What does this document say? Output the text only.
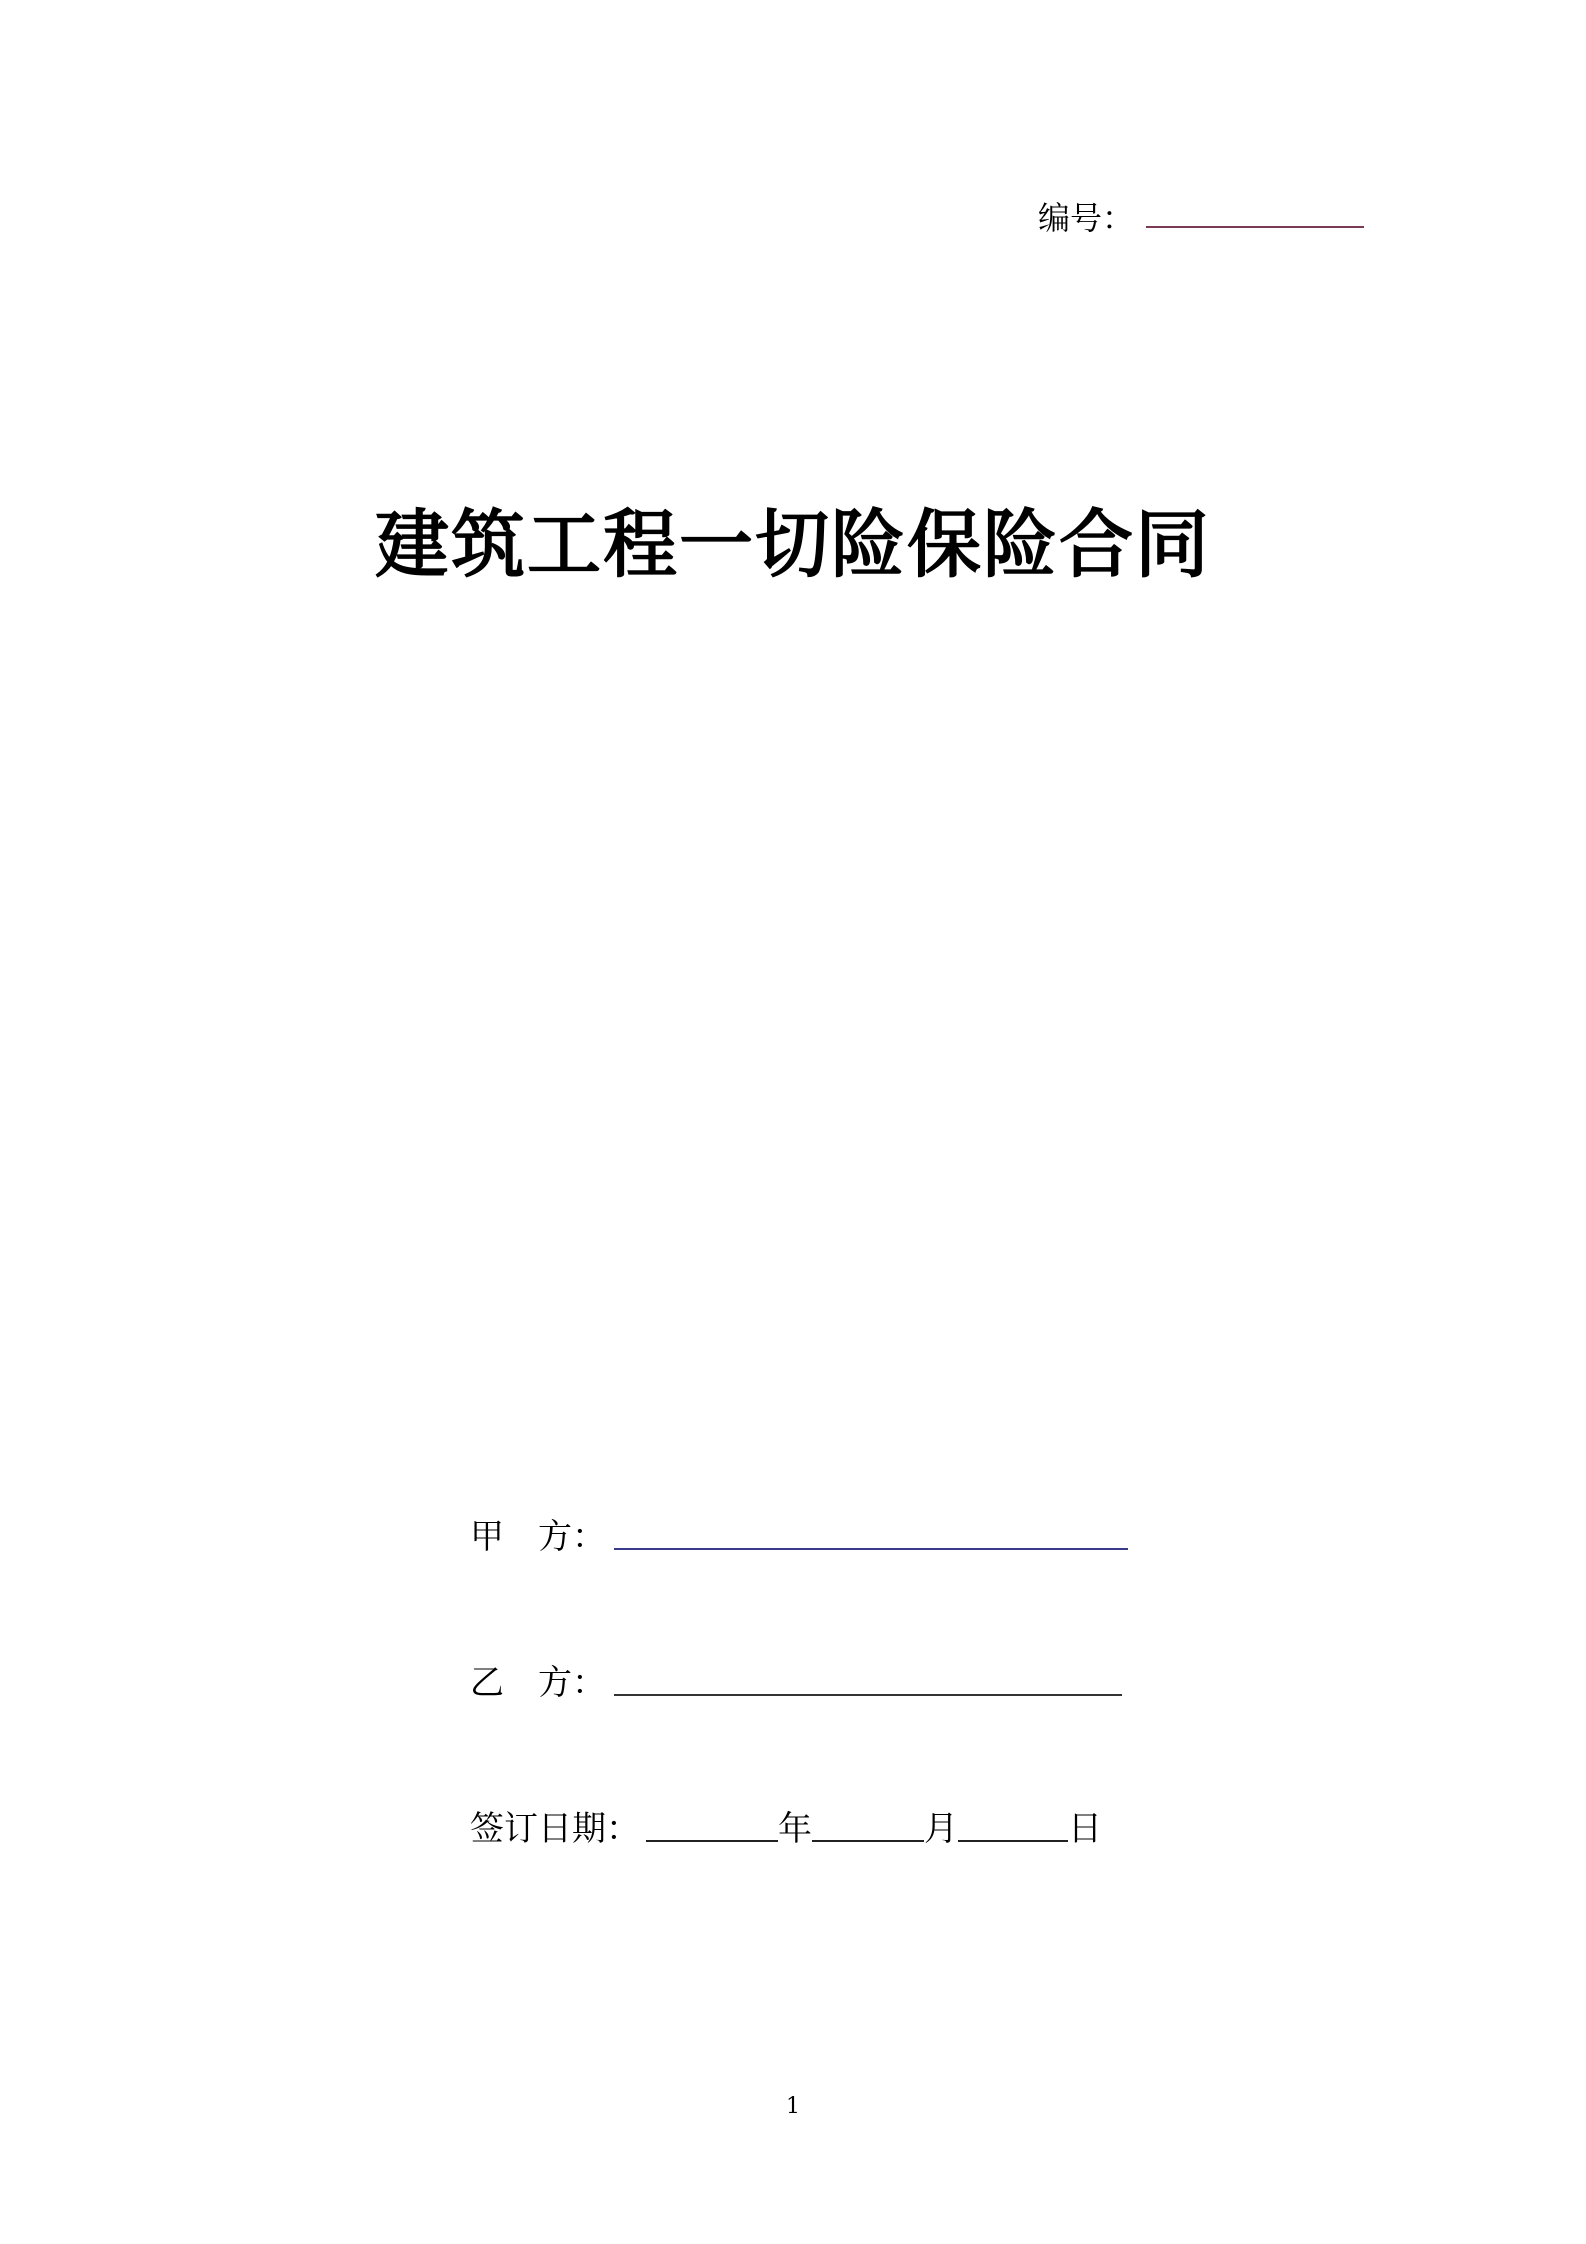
编号：
建筑工程一切险保险合同
甲　方：
乙　方：
签订日期：	年	月	日
1
